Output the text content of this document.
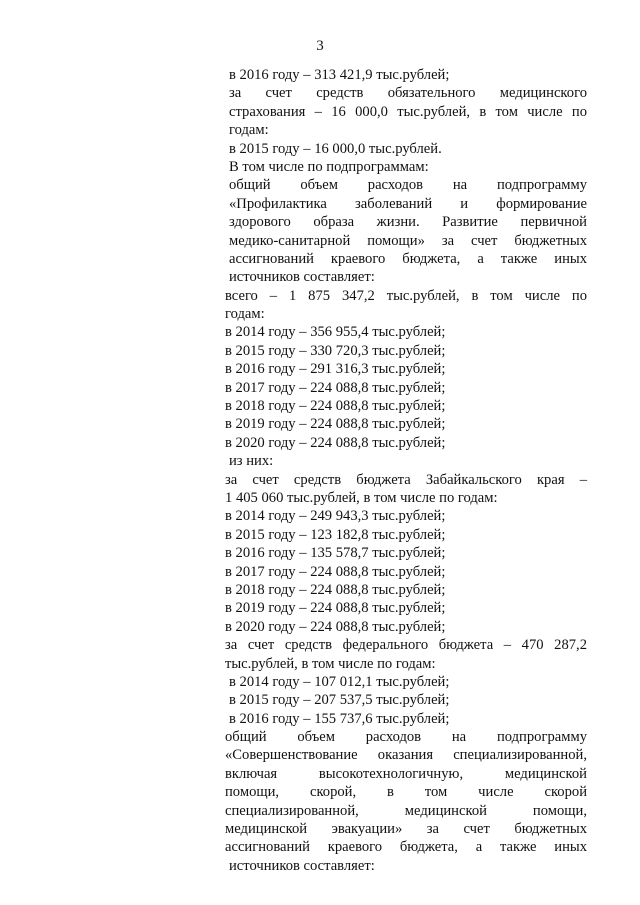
3
в 2016 году – 313 421,9 тыс.рублей;
за счет средств обязательного медицинского
страхования – 16 000,0 тыс.рублей, в том числе по
годам:
в 2015 году – 16 000,0 тыс.рублей.
В том числе по подпрограммам:
общий объем расходов на подпрограмму
«Профилактика заболеваний и формирование
здорового образа жизни. Развитие первичной
медико-санитарной помощи» за счет бюджетных
ассигнований краевого бюджета, а также иных
источников составляет:
всего – 1 875 347,2 тыс.рублей, в том числе по
годам:
в 2014 году – 356 955,4 тыс.рублей;
в 2015 году – 330 720,3 тыс.рублей;
в 2016 году – 291 316,3 тыс.рублей;
в 2017 году – 224 088,8 тыс.рублей;
в 2018 году – 224 088,8 тыс.рублей;
в 2019 году – 224 088,8 тыс.рублей;
в 2020 году – 224 088,8 тыс.рублей;
из них:
за счет средств бюджета Забайкальского края –
1 405 060 тыс.рублей, в том числе по годам:
в 2014 году – 249 943,3 тыс.рублей;
в 2015 году – 123 182,8 тыс.рублей;
в 2016 году – 135 578,7 тыс.рублей;
в 2017 году – 224 088,8 тыс.рублей;
в 2018 году – 224 088,8 тыс.рублей;
в 2019 году – 224 088,8 тыс.рублей;
в 2020 году – 224 088,8 тыс.рублей;
за счет средств федерального бюджета – 470 287,2
тыс.рублей, в том числе по годам:
в 2014 году – 107 012,1 тыс.рублей;
в 2015 году – 207 537,5 тыс.рублей;
в 2016 году – 155 737,6 тыс.рублей;
общий объем расходов на подпрограмму
«Совершенствование оказания специализированной,
включая высокотехнологичную, медицинской
помощи, скорой, в том числе скорой
специализированной, медицинской помощи,
медицинской эвакуации» за счет бюджетных
ассигнований краевого бюджета, а также иных
источников составляет:
